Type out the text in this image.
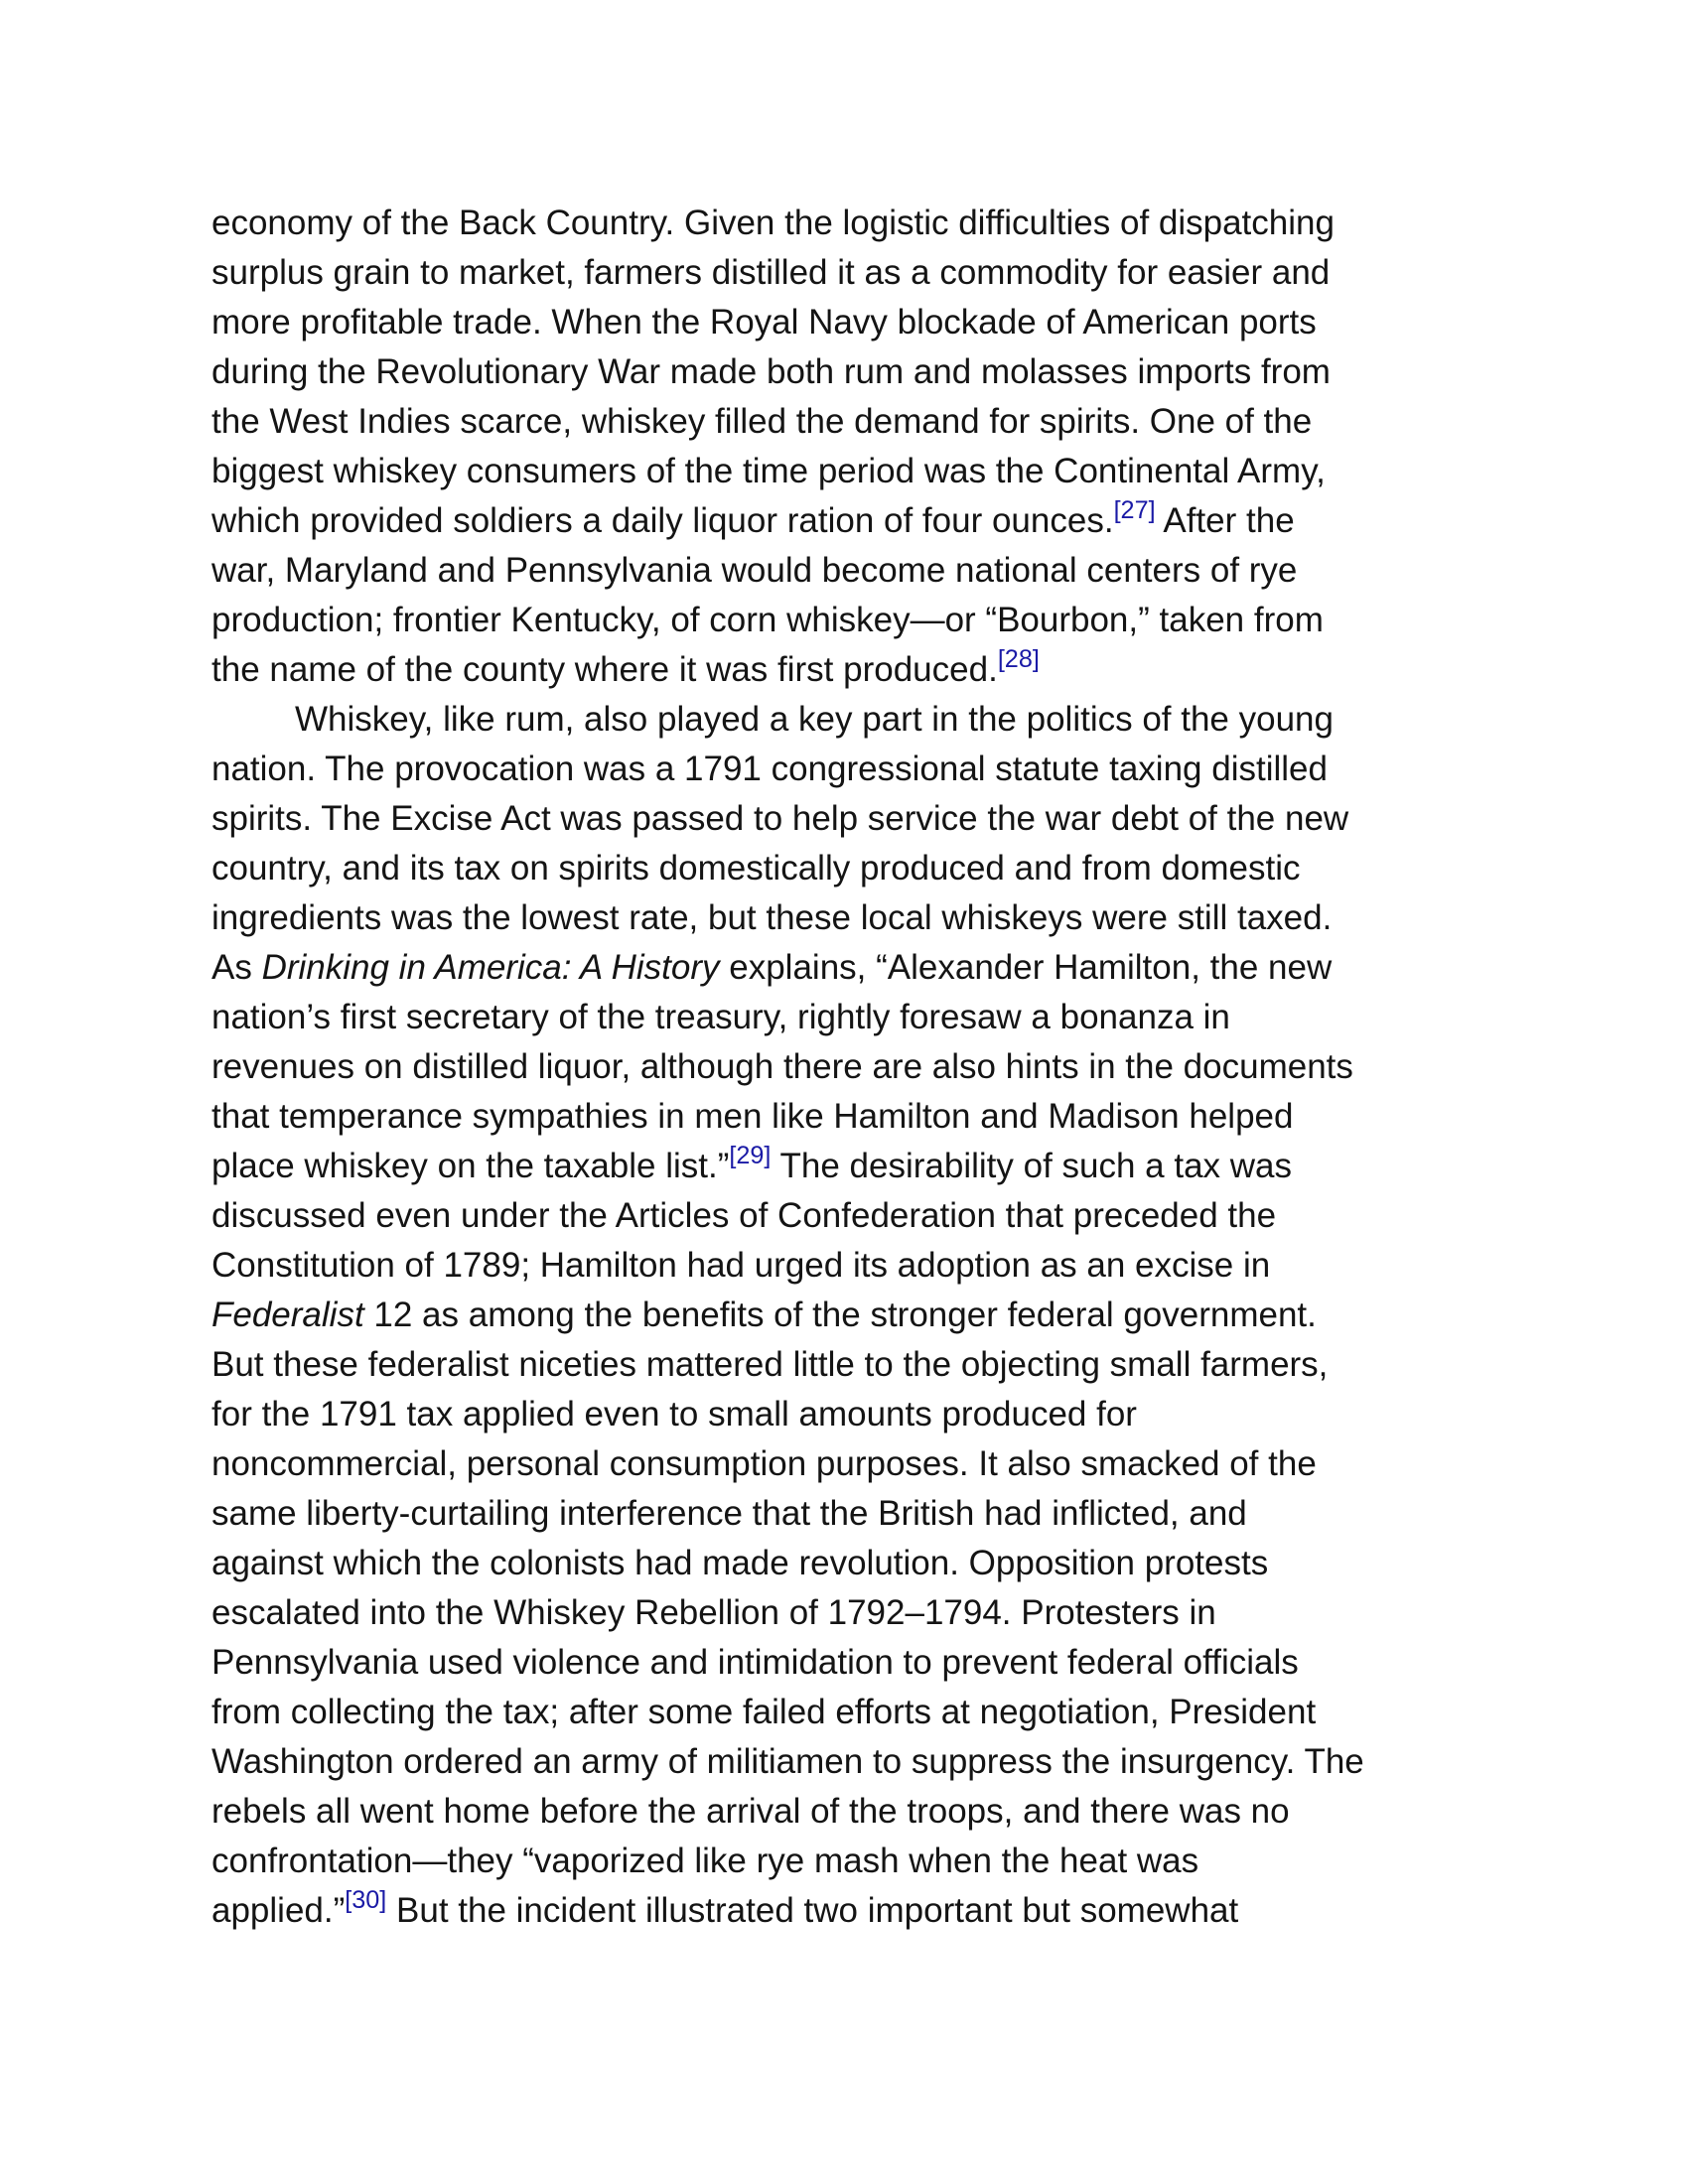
economy of the Back Country. Given the logistic difficulties of dispatching
surplus grain to market, farmers distilled it as a commodity for easier and
more profitable trade. When the Royal Navy blockade of American ports
during the Revolutionary War made both rum and molasses imports from
the West Indies scarce, whiskey filled the demand for spirits. One of the
biggest whiskey consumers of the time period was the Continental Army,
which provided soldiers a daily liquor ration of four ounces.[27] After the
war, Maryland and Pennsylvania would become national centers of rye
production; frontier Kentucky, of corn whiskey—or “Bourbon,” taken from
the name of the county where it was first produced.[28]
Whiskey, like rum, also played a key part in the politics of the young
nation. The provocation was a 1791 congressional statute taxing distilled
spirits. The Excise Act was passed to help service the war debt of the new
country, and its tax on spirits domestically produced and from domestic
ingredients was the lowest rate, but these local whiskeys were still taxed.
As Drinking in America: A History explains, “Alexander Hamilton, the new
nation’s first secretary of the treasury, rightly foresaw a bonanza in
revenues on distilled liquor, although there are also hints in the documents
that temperance sympathies in men like Hamilton and Madison helped
place whiskey on the taxable list.”[29] The desirability of such a tax was
discussed even under the Articles of Confederation that preceded the
Constitution of 1789; Hamilton had urged its adoption as an excise in
Federalist 12 as among the benefits of the stronger federal government.
But these federalist niceties mattered little to the objecting small farmers,
for the 1791 tax applied even to small amounts produced for
noncommercial, personal consumption purposes. It also smacked of the
same liberty-curtailing interference that the British had inflicted, and
against which the colonists had made revolution. Opposition protests
escalated into the Whiskey Rebellion of 1792–1794. Protesters in
Pennsylvania used violence and intimidation to prevent federal officials
from collecting the tax; after some failed efforts at negotiation, President
Washington ordered an army of militiamen to suppress the insurgency. The
rebels all went home before the arrival of the troops, and there was no
confrontation—they “vaporized like rye mash when the heat was
applied.”[30] But the incident illustrated two important but somewhat
